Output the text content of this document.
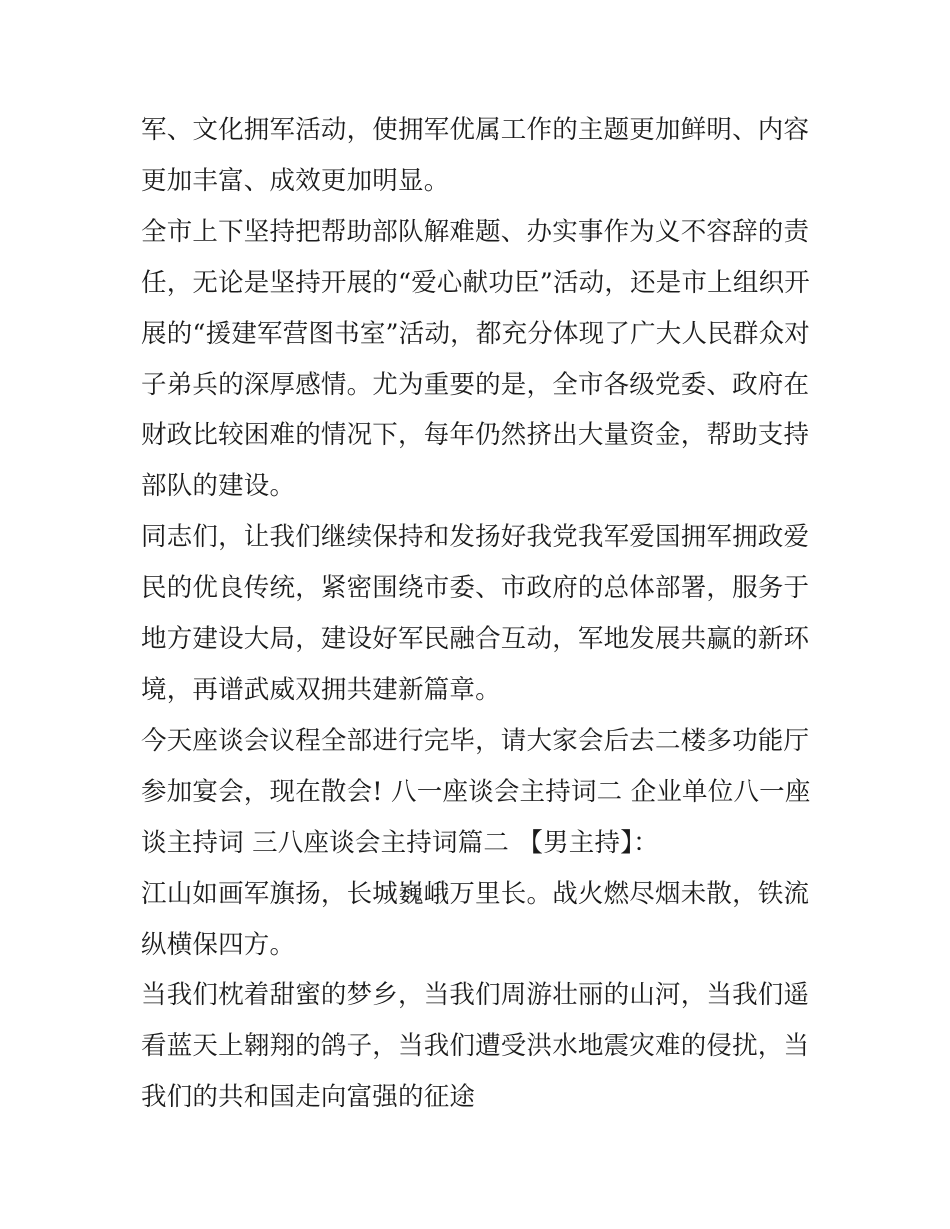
军、文化拥军活动，使拥军优属工作的主题更加鲜明、内容更加丰富、成效更加明显。

全市上下坚持把帮助部队解难题、办实事作为义不容辞的责任，无论是坚持开展的“爱心献功臣”活动，还是市上组织开展的“援建军营图书室”活动，都充分体现了广大人民群众对子弟兵的深厚感情。尤为重要的是，全市各级党委、政府在财政比较困难的情况下，每年仍然挤出大量资金，帮助支持部队的建设。

同志们，让我们继续保持和发扬好我党我军爱国拥军拥政爱民的优良传统，紧密围绕市委、市政府的总体部署，服务于地方建设大局，建设好军民融合互动，军地发展共赢的新环境，再谱武威双拥共建新篇章。

今天座谈会议程全部进行完毕，请大家会后去二楼多功能厅参加宴会，现在散会! 八一座谈会主持词二 企业单位八一座谈主持词 三八座谈会主持词篇二 【男主持】：

江山如画军旗扬，长城巍峨万里长。战火燃尽烟未散，铁流纵横保四方。

当我们枕着甜蜜的梦乡，当我们周游壮丽的山河，当我们遥看蓝天上翱翔的鸽子，当我们遭受洪水地震灾难的侵扰，当我们的共和国走向富强的征途
